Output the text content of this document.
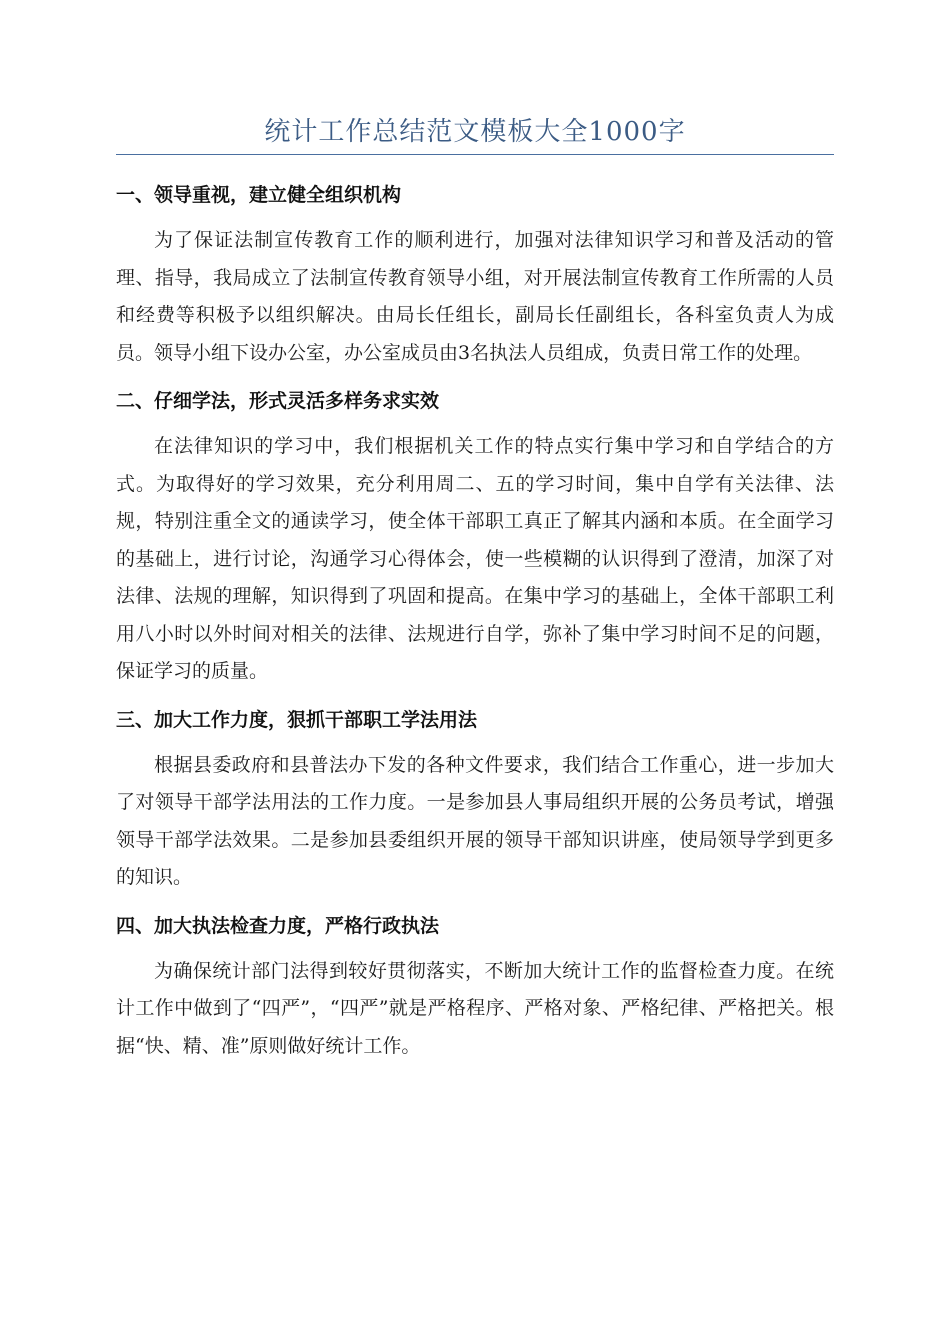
统计工作总结范文模板大全1000字
一、领导重视，建立健全组织机构

为了保证法制宣传教育工作的顺利进行，加强对法律知识学习和普及活动的管理、指导，我局成立了法制宣传教育领导小组，对开展法制宣传教育工作所需的人员和经费等积极予以组织解决。由局长任组长，副局长任副组长，各科室负责人为成员。领导小组下设办公室，办公室成员由3名执法人员组成，负责日常工作的处理。

二、仔细学法，形式灵活多样务求实效

在法律知识的学习中，我们根据机关工作的特点实行集中学习和自学结合的方式。为取得好的学习效果，充分利用周二、五的学习时间，集中自学有关法律、法规，特别注重全文的通读学习，使全体干部职工真正了解其内涵和本质。在全面学习的基础上，进行讨论，沟通学习心得体会，使一些模糊的认识得到了澄清，加深了对法律、法规的理解，知识得到了巩固和提高。在集中学习的基础上，全体干部职工利用八小时以外时间对相关的法律、法规进行自学，弥补了集中学习时间不足的问题，保证学习的质量。

三、加大工作力度，狠抓干部职工学法用法

根据县委政府和县普法办下发的各种文件要求，我们结合工作重心，进一步加大了对领导干部学法用法的工作力度。一是参加县人事局组织开展的公务员考试，增强领导干部学法效果。二是参加县委组织开展的领导干部知识讲座，使局领导学到更多的知识。

四、加大执法检查力度，严格行政执法

为确保统计部门法得到较好贯彻落实，不断加大统计工作的监督检查力度。在统计工作中做到了“四严”，“四严”就是严格程序、严格对象、严格纪律、严格把关。根据“快、精、准”原则做好统计工作。
